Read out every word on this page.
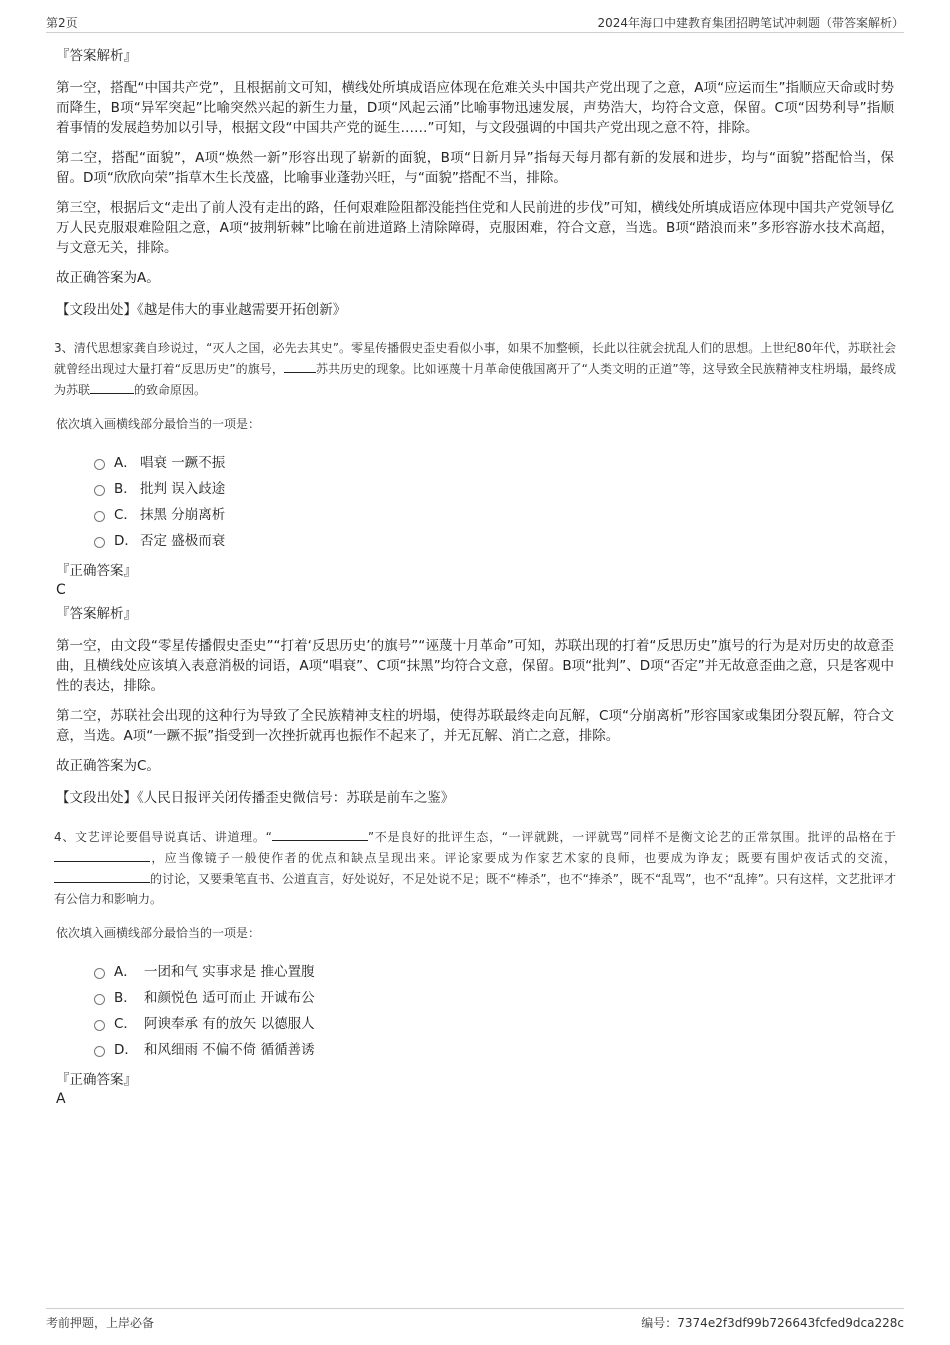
第2页	2024年海口中建教育集团招聘笔试冲刺题（带答案解析）
『答案解析』

第一空，搭配“中国共产党”，且根据前文可知，横线处所填成语应体现在危难关头中国共产党出现了之意，A项“应运而生”指顺应天命或时势而降生，B项“异军突起”比喻突然兴起的新生力量，D项“风起云涌”比喻事物迅速发展，声势浩大，均符合文意，保留。C项“因势利导”指顺着事情的发展趋势加以引导，根据文段“中国共产党的诞生……”可知，与文段强调的中国共产党出现之意不符，排除。

第二空，搭配“面貌”，A项“焕然一新”形容出现了崭新的面貌，B项“日新月异”指每天每月都有新的发展和进步，均与“面貌”搭配恰当，保留。D项“欣欣向荣”指草木生长茂盛，比喻事业蓬勃兴旺，与“面貌”搭配不当，排除。

第三空，根据后文“走出了前人没有走出的路，任何艰难险阻都没能挡住党和人民前进的步伐”可知，横线处所填成语应体现中国共产党领导亿万人民克服艰难险阻之意，A项“披荆斩棘”比喻在前进道路上清除障碍，克服困难，符合文意，当选。B项“踏浪而来”多形容游水技术高超，与文意无关，排除。

故正确答案为A。

【文段出处】《越是伟大的事业越需要开拓创新》
3、清代思想家龚自珍说过，“灭人之国，必先去其史”。零星传播假史歪史看似小事，如果不加整顿，长此以往就会扰乱人们的思想。上世纪80年代，苏联社会就曾经出现过大量打着“反思历史”的旗号，	苏共历史的现象。比如诬蔑十月革命使俄国离开了“人类文明的正道”等，这导致全民族精神支柱坍塌，最终成为苏联	的致命原因。
依次填入画横线部分最恰当的一项是：
A． 唱衰 一蹶不振
B． 批判 误入歧途
C． 抹黑 分崩离析
D． 否定 盛极而衰
『正确答案』
C
『答案解析』

第一空，由文段“零星传播假史歪史”“打着‘反思历史’的旗号”“诬蔑十月革命”可知，苏联出现的打着“反思历史”旗号的行为是对历史的故意歪曲，且横线处应该填入表意消极的词语，A项“唱衰”、C项“抹黑”均符合文意，保留。B项“批判”、D项“否定”并无故意歪曲之意，只是客观中性的表达，排除。

第二空，苏联社会出现的这种行为导致了全民族精神支柱的坍塌，使得苏联最终走向瓦解，C项“分崩离析”形容国家或集团分裂瓦解，符合文意，当选。A项“一蹶不振”指受到一次挫折就再也振作不起来了，并无瓦解、消亡之意，排除。

故正确答案为C。

【文段出处】《人民日报评关闭传播歪史微信号：苏联是前车之鉴》
4、文艺评论要倡导说真话、讲道理。“	”不是良好的批评生态，“一评就跳，一评就骂”同样不是衡文论艺的正常氛围。批评的品格在于，应当像镜子一般使作者的优点和缺点呈现出来。评论家要成为作家艺术家的良师，也要成为诤友；既要有围炉夜话式的交流，的讨论，又要秉笔直书、公道直言，好处说好，不足处说不足；既不“棒杀”，也不“捧杀”，既不“乱骂”，也不“乱捧”。只有这样，文艺批评才有公信力和影响力。
依次填入画横线部分最恰当的一项是：
A． 一团和气 实事求是 推心置腹
B． 和颜悦色 适可而止 开诚布公
C． 阿谀奉承 有的放矢 以德服人
D． 和风细雨 不偏不倚 循循善诱
『正确答案』
A
考前押题，上岸必备	编号：7374e2f3df99b726643fcfed9dca228c
